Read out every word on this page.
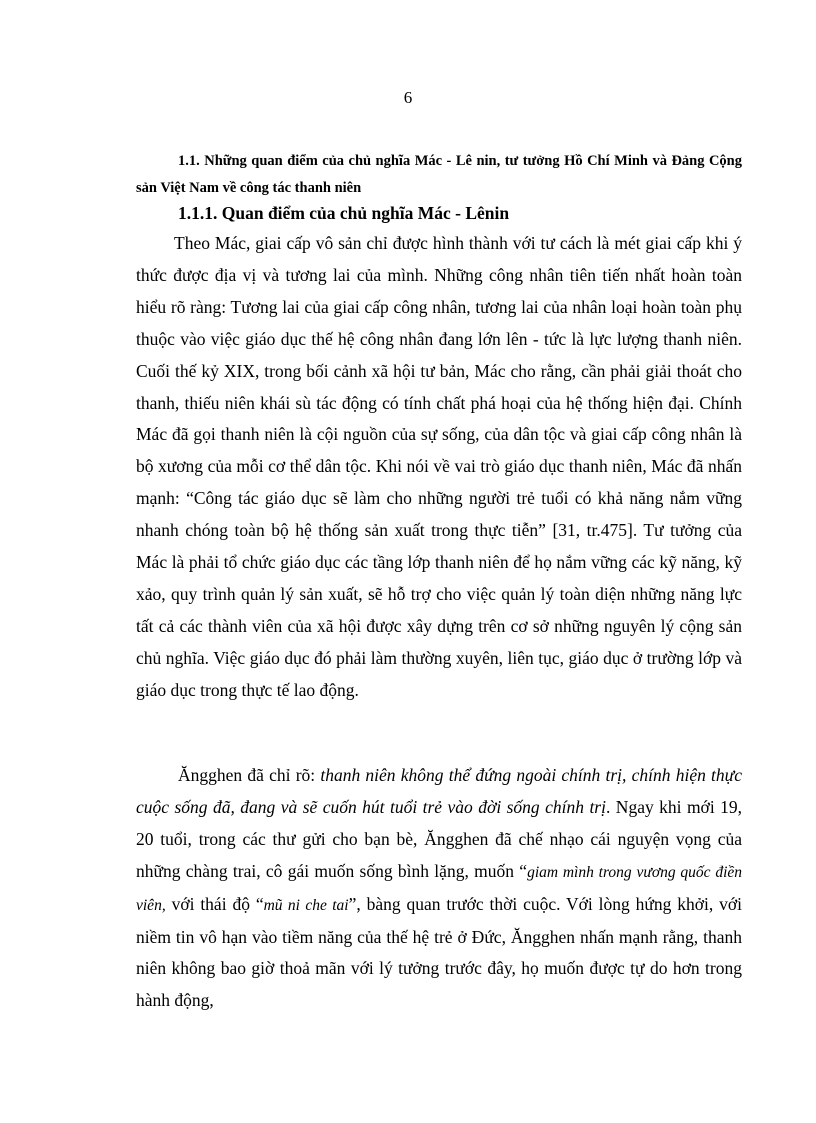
6
1.1. Những quan điểm của chủ nghĩa Mác - Lê nin, tư tưởng Hồ Chí Minh và Đảng Cộng sản Việt Nam về công tác thanh niên
1.1.1. Quan điểm của chủ nghĩa Mác - Lênin

Theo Mác, giai cấp vô sản chỉ được hình thành với tư cách là mét giai cấp khi ý thức được địa vị và tương lai của mình. Những công nhân tiên tiến nhất hoàn toàn hiểu rõ ràng: Tương lai của giai cấp công nhân, tương lai của nhân loại hoàn toàn phụ thuộc vào việc giáo dục thế hệ công nhân đang lớn lên - tức là lực lượng thanh niên. Cuối thế kỷ XIX, trong bối cảnh xã hội tư bản, Mác cho rằng, cần phải giải thoát cho thanh, thiếu niên khái sù tác động có tính chất phá hoại của hệ thống hiện đại. Chính Mác đã gọi thanh niên là cội nguồn của sự sống, của dân tộc và giai cấp công nhân là bộ xương của mỗi cơ thể dân tộc. Khi nói về vai trò giáo dục thanh niên, Mác đã nhấn mạnh: “Công tác giáo dục sẽ làm cho những người trẻ tuổi có khả năng nắm vững nhanh chóng toàn bộ hệ thống sản xuất trong thực tiễn” [31, tr.475]. Tư tưởng của Mác là phải tổ chức giáo dục các tầng lớp thanh niên để họ nắm vững các kỹ năng, kỹ xảo, quy trình quản lý sản xuất, sẽ hỗ trợ cho việc quản lý toàn diện những năng lực tất cả các thành viên của xã hội được xây dựng trên cơ sở những nguyên lý cộng sản chủ nghĩa. Việc giáo dục đó phải làm thường xuyên, liên tục, giáo dục ở trường lớp và giáo dục trong thực tế lao động.

Ăngghen đã chỉ rõ: thanh niên không thể đứng ngoài chính trị, chính hiện thực cuộc sống đã, đang và sẽ cuốn hút tuổi trẻ vào đời sống chính trị. Ngay khi mới 19, 20 tuổi, trong các thư gửi cho bạn bè, Ăngghen đã chế nhạo cái nguyện vọng của những chàng trai, cô gái muốn sống bình lặng, muốn “giam mình trong vương quốc điền viên, với thái độ “mũ ni che tai”, bàng quan trước thời cuộc. Với lòng hứng khởi, với niềm tin vô hạn vào tiềm năng của thế hệ trẻ ở Đức, Ăngghen nhấn mạnh rằng, thanh niên không bao giờ thoả mãn với lý tưởng trước đây, họ muốn được tự do hơn trong hành động,
